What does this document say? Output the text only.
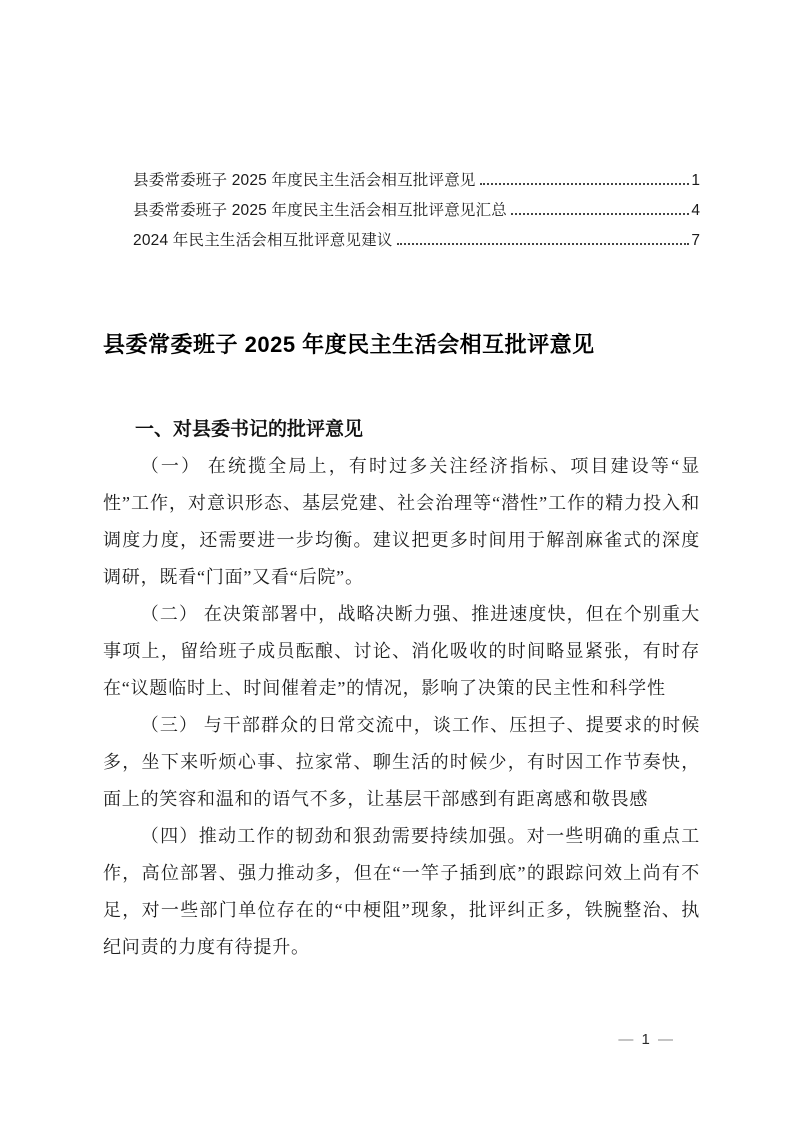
县委常委班子 2025 年度民主生活会相互批评意见	1
县委常委班子 2025 年度民主生活会相互批评意见汇总	4
2024 年民主生活会相互批评意见建议	7
县委常委班子 2025 年度民主生活会相互批评意见
一、对县委书记的批评意见

（一） 在统揽全局上，有时过多关注经济指标、项目建设等“显性”工作，对意识形态、基层党建、社会治理等“潜性”工作的精力投入和调度力度，还需要进一步均衡。建议把更多时间用于解剖麻雀式的深度调研，既看“门面”又看“后院”。

（二） 在决策部署中，战略决断力强、推进速度快，但在个别重大事项上，留给班子成员酝酿、讨论、消化吸收的时间略显紧张，有时存在“议题临时上、时间催着走”的情况，影响了决策的民主性和科学性

（三） 与干部群众的日常交流中，谈工作、压担子、提要求的时候多，坐下来听烦心事、拉家常、聊生活的时候少，有时因工作节奏快，面上的笑容和温和的语气不多，让基层干部感到有距离感和敬畏感

（四）推动工作的韧劲和狠劲需要持续加强。对一些明确的重点工作，高位部署、强力推动多，但在“一竿子插到底”的跟踪问效上尚有不足，对一些部门单位存在的“中梗阻”现象，批评纠正多，铁腕整治、执纪问责的力度有待提升。

— 1 —
